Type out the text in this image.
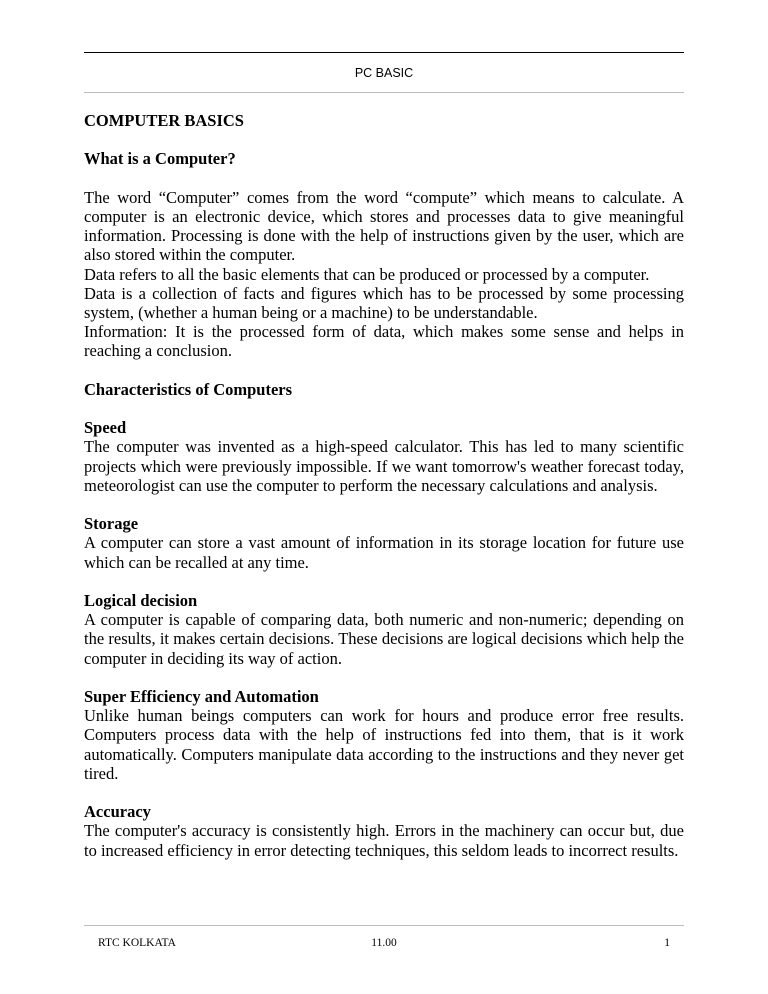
PC BASIC
COMPUTER BASICS
What is a Computer?

The word “Computer” comes from the word “compute” which means to calculate. A computer is an electronic device, which stores and processes data to give meaningful information. Processing is done with the help of instructions given by the user, which are also stored within the computer.

Data refers to all the basic elements that can be produced or processed by a computer.

Data is a collection of facts and figures which has to be processed by some processing system, (whether a human being or a machine) to be understandable.

Information: It is the processed form of data, which makes some sense and helps in reaching a conclusion.

Characteristics of Computers
Speed

The computer was invented as a high-speed calculator. This has led to many scientific projects which were previously impossible. If we want tomorrow's weather forecast today, meteorologist can use the computer to perform the necessary calculations and analysis.

Storage

A computer can store a vast amount of information in its storage location for future use which can be recalled at any time.

Logical decision

A computer is capable of comparing data, both numeric and non-numeric; depending on the results, it makes certain decisions. These decisions are logical decisions which help the computer in deciding its way of action.

Super Efficiency and Automation

Unlike human beings computers can work for hours and produce error free results. Computers process data with the help of instructions fed into them, that is it work automatically. Computers manipulate data according to the instructions and they never get tired.

Accuracy

The computer's accuracy is consistently high. Errors in the machinery can occur but, due to increased efficiency in error detecting techniques, this seldom leads to incorrect results.

RTC KOLKATA	11.00	1
